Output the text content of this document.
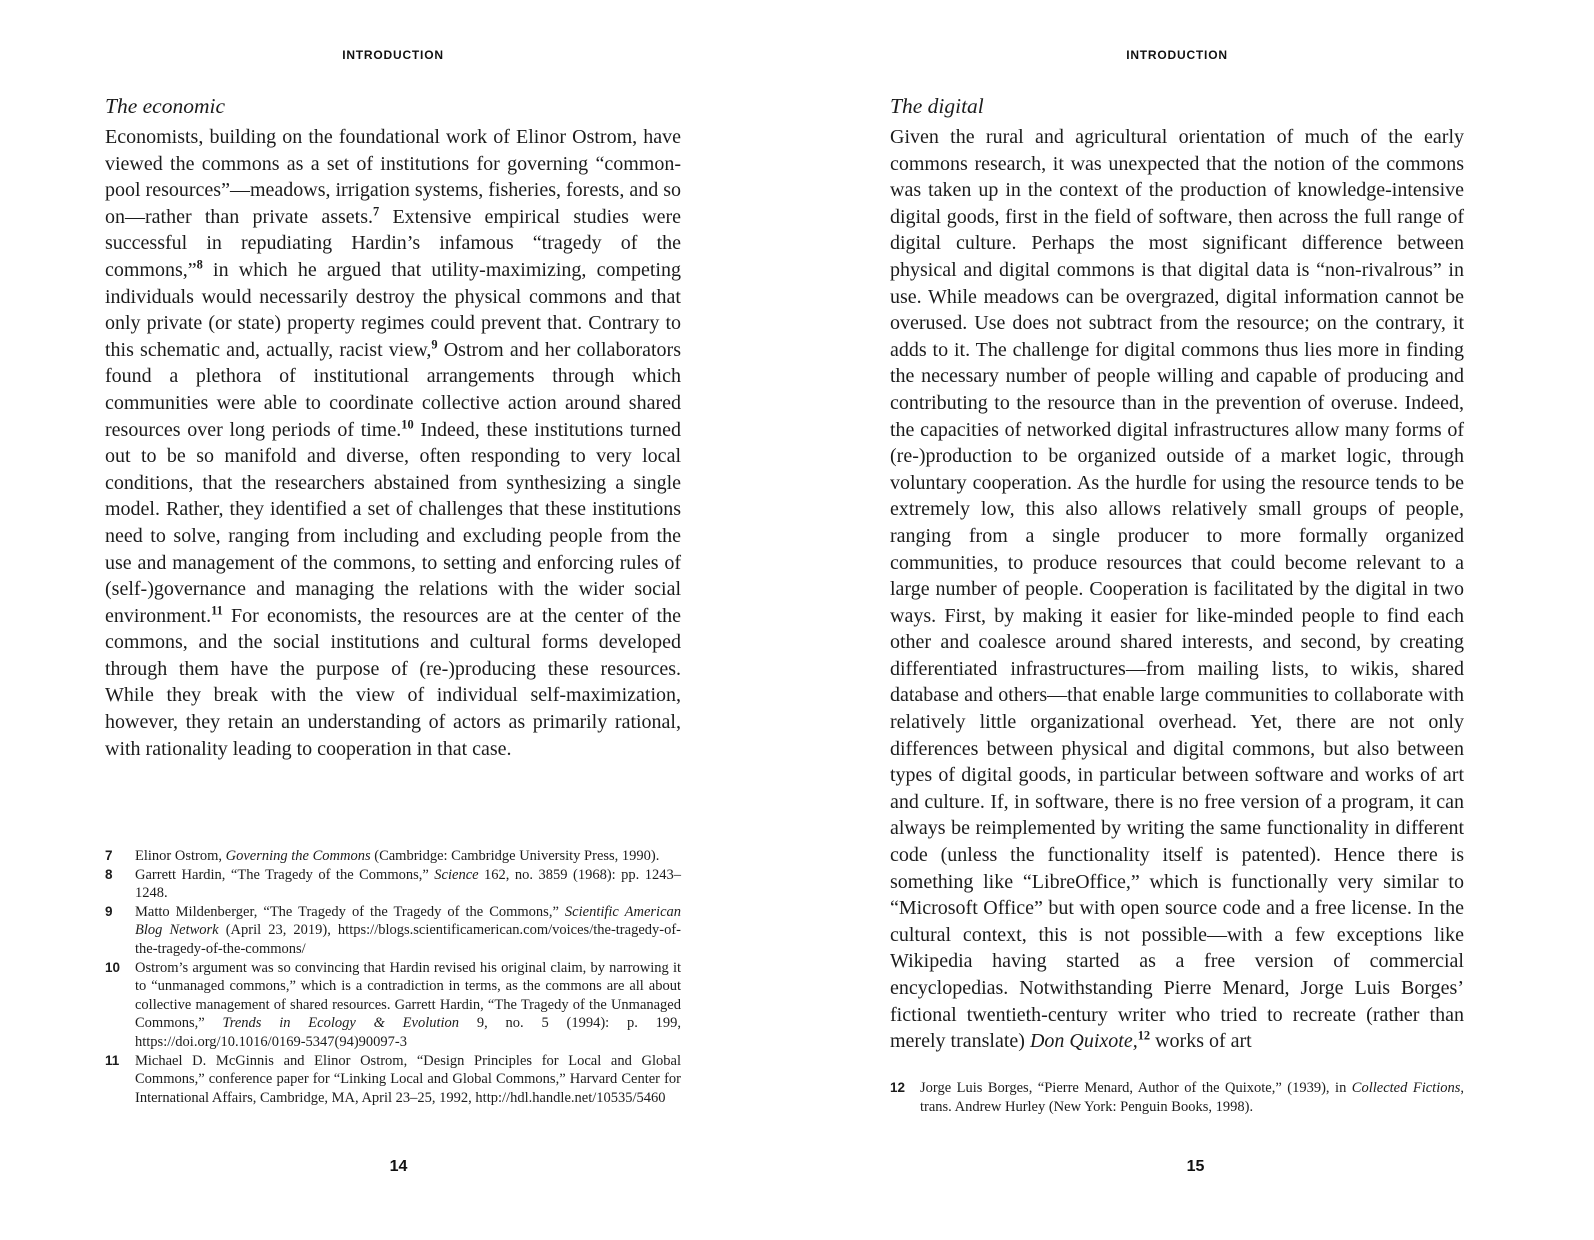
INTRODUCTION
The economic

Economists, building on the foundational work of Elinor Ostrom, have viewed the commons as a set of institutions for governing “common-pool resources”—meadows, irrigation systems, fisheries, forests, and so on—rather than private assets.$^7$ Extensive empirical studies were successful in repudiating Hardin’s infamous “tragedy of the commons,”$^8$ in which he argued that utility-maximizing, competing individuals would necessarily destroy the physical commons and that only private (or state) property regimes could prevent that. Contrary to this schematic and, actually, racist view,$^9$ Ostrom and her collaborators found a plethora of institutional arrangements through which communities were able to coordinate collective action around shared resources over long periods of time.$^{10}$ Indeed, these institutions turned out to be so manifold and diverse, often responding to very local conditions, that the researchers abstained from synthesizing a single model. Rather, they identified a set of challenges that these institutions need to solve, ranging from including and excluding people from the use and management of the commons, to setting and enforcing rules of (self-)governance and managing the relations with the wider social environment.$^{11}$ For economists, the resources are at the center of the commons, and the social institutions and cultural forms developed through them have the purpose of (re-)producing these resources. While they break with the view of individual self-maximization, however, they retain an understanding of actors as primarily rational, with rationality leading to cooperation in that case.

7	Elinor Ostrom, Governing the Commons (Cambridge: Cambridge University Press, 1990).
8	Garrett Hardin, “The Tragedy of the Commons,” Science 162, no. 3859 (1968): pp. 1243–1248.
9	Matto Mildenberger, “The Tragedy of the Tragedy of the Commons,” Scientific American Blog Network (April 23, 2019), https://blogs.scientificamerican.com/voices/the-tragedy-of-the-tragedy-of-the-commons/
10	Ostrom’s argument was so convincing that Hardin revised his original claim, by narrowing it to “unmanaged commons,” which is a contradiction in terms, as the commons are all about collective management of shared resources. Garrett Hardin, “The Tragedy of the Unmanaged Commons,” Trends in Ecology & Evolution 9, no. 5 (1994): p. 199, https://doi.org/10.1016/0169-5347(94)90097-3
11	Michael D. McGinnis and Elinor Ostrom, “Design Principles for Local and Global Commons,” conference paper for “Linking Local and Global Commons,” Harvard Center for International Affairs, Cambridge, MA, April 23–25, 1992, http://hdl.handle.net/10535/5460
14
INTRODUCTION
The digital

Given the rural and agricultural orientation of much of the early commons research, it was unexpected that the notion of the commons was taken up in the context of the production of knowledge-intensive digital goods, first in the field of software, then across the full range of digital culture. Perhaps the most significant difference between physical and digital commons is that digital data is “non-rivalrous” in use. While meadows can be overgrazed, digital information cannot be overused. Use does not subtract from the resource; on the contrary, it adds to it. The challenge for digital commons thus lies more in finding the necessary number of people willing and capable of producing and contributing to the resource than in the prevention of overuse. Indeed, the capacities of networked digital infrastructures allow many forms of (re-)production to be organized outside of a market logic, through voluntary cooperation. As the hurdle for using the resource tends to be extremely low, this also allows relatively small groups of people, ranging from a single producer to more formally organized communities, to produce resources that could become relevant to a large number of people. Cooperation is facilitated by the digital in two ways. First, by making it easier for like-minded people to find each other and coalesce around shared interests, and second, by creating differentiated infrastructures—from mailing lists, to wikis, shared database and others—that enable large communities to collaborate with relatively little organizational overhead. Yet, there are not only differences between physical and digital commons, but also between types of digital goods, in particular between software and works of art and culture. If, in software, there is no free version of a program, it can always be reimplemented by writing the same functionality in different code (unless the functionality itself is patented). Hence there is something like “LibreOffice,” which is functionally very similar to “Microsoft Office” but with open source code and a free license. In the cultural context, this is not possible—with a few exceptions like Wikipedia having started as a free version of commercial encyclopedias. Notwithstanding Pierre Menard, Jorge Luis Borges’ fictional twentieth-century writer who tried to recreate (rather than merely translate) Don Quixote,$^{12}$ works of art

12	Jorge Luis Borges, “Pierre Menard, Author of the Quixote,” (1939), in Collected Fictions, trans. Andrew Hurley (New York: Penguin Books, 1998).
15
